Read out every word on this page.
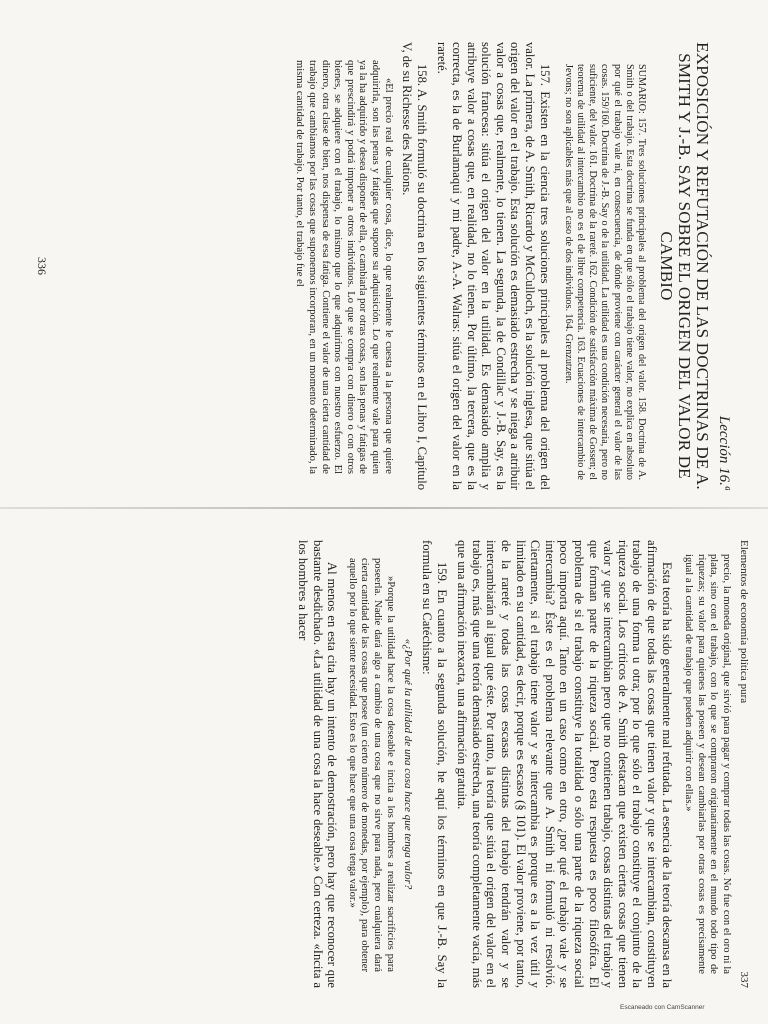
Lección 16.ª
EXPOSICIÓN Y REFUTACIÓN DE LAS DOCTRINAS DE A. SMITH Y J.-B. SAY SOBRE EL ORIGEN DEL VALOR DE CAMBIO
SUMARIO: 157. Tres soluciones principales al problema del origen del valor. 158. Doctrina de A. Smith o del trabajo. Esta doctrina se funda en que sólo el trabajo tiene valor, no explica en absoluto por qué el trabajo vale ni, en consecuencia, de dónde proviene con carácter general el valor de las cosas. 159/160. Doctrina de J.-B. Say o de la utilidad. La utilidad es una condición necesaria, pero no suficiente, del valor. 161. Doctrina de la rareté. 162. Condición de satisfacción máxima de Gossen; el teorema de utilidad al intercambio no es el de libre competencia. 163. Ecuaciones de intercambio de Jevons; no son aplicables más que al caso de dos individuos. 164. Grenzutzen.

157. Existen en la ciencia tres soluciones principales al problema del origen del valor. La primera, de A. Smith, Ricardo y McCulloch, es la solución inglesa, que sitúa el origen del valor en el trabajo. Esta solución es demasiado estrecha y se niega a atribuir valor a cosas que, realmente, lo tienen. La segunda, la de Condillac y J.-B. Say, es la solución francesa: sitúa el origen del valor en la utilidad. Es demasiado amplia y atribuye valor a cosas que, en realidad, no lo tienen. Por último, la tercera, que es la correcta, es la de Burlamaqui y mi padre, A.-A. Walras: sitúa el origen del valor en la rareté.

158. A. Smith formuló su doctrina en los siguientes términos en el Libro I, Capítulo V, de su Richesse des Nations.

«El precio real de cualquier cosa, dice, lo que realmente le cuesta a la persona que quiere adquirirla, son las penas y fatigas que supone su adquisición. Lo que realmente vale para quien ya la ha adquirido y desea disponer de ella, o cambiarla por otras cosas, son las penas y fatigas de que prescindirá y podrá imponer a otros individuos. Lo que se compra con dinero o con otros bienes, se adquiere con el trabajo, lo mismo que lo que adquirimos con nuestro esfuerzo. El dinero, otra clase de bien, nos dispensa de esa fatiga. Contiene el valor de una cierta cantidad de trabajo que cambiamos por las cosas que suponemos incorporan, en un momento determinado, la misma cantidad de trabajo. Por tanto, el trabajo fue el

336
Elementos de economía política pura
337

precio, la moneda original, que sirvió para pagar y comprar todas las cosas. No fue con el oro ni la plata, sino con el trabajo, con lo que se compraron originariamente en el mundo todo tipo de riquezas; su valor para quienes las poseen y desean cambiarlas por otras cosas es precisamente igual a la cantidad de trabajo que pueden adquirir con ellas.»

Esta teoría ha sido generalmente mal refutada. La esencia de la teoría descansa en la afirmación de que todas las cosas que tienen valor y que se intercambian, constituyen trabajo de una forma u otra; por lo que sólo el trabajo constituye el conjunto de la riqueza social. Los críticos de A. Smith destacan que existen ciertas cosas que tienen valor y que se intercambian pero que no contienen trabajo, cosas distintas del trabajo y que forman parte de la riqueza social. Pero esta respuesta es poco filosófica. El problema de si el trabajo constituye la totalidad o sólo una parte de la riqueza social poco importa aquí. Tanto en un caso como en otro, ¿por qué el trabajo vale y se intercambia? Éste es el problema relevante que A. Smith ni formuló ni resolvió. Ciertamente, si el trabajo tiene valor y se intercambia es porque es a la vez útil y limitado en su cantidad, es decir, porque es escaso (§ 101). El valor proviene, por tanto, de la rareté y todas las cosas escasas distintas del trabajo tendrán valor y se intercambiarán al igual que éste. Por tanto, la teoría que sitúa el origen del valor en el trabajo es, más que una teoría demasiado estrecha, una teoría completamente vacía, más que una afirmación inexacta, una afirmación gratuita.

159. En cuanto a la segunda solución, he aquí los términos en que J.-B. Say la formula en su Catéchisme:

«¿Por qué la utilidad de una cosa hace que tenga valor?

»Porque la utilidad hace la cosa deseable e incita a los hombres a realizar sacrificios para poseerla. Nadie dará algo a cambio de una cosa que no sirve para nada, pero cualquiera dará cierta cantidad de las cosas que posee (un cierto número de monedas, por ejemplo), para obtener aquello por lo que siente necesidad. Esto es lo que hace que una cosa tenga valor.»

Al menos en esta cita hay un intento de demostración, pero hay que reconocer que bastante desdichado. «La utilidad de una cosa la hace deseable.» Con certeza. «Incita a los hombres a hacer

Escaneado con CamScanner
